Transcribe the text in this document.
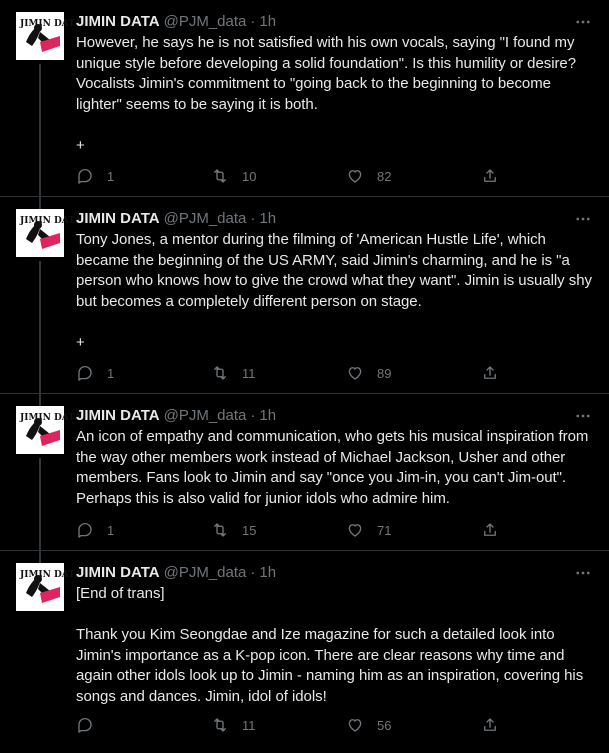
JIMIN DATA
JIMIN DATA @PJM_data · 1h
However, he says he is not satisfied with his own vocals, saying "I found my unique style before developing a solid foundation". Is this humility or desire? Vocalists Jimin's commitment to "going back to the beginning to become lighter" seems to be saying it is both.

+
1	10	82
JIMIN DATA
JIMIN DATA @PJM_data · 1h
Tony Jones, a mentor during the filming of 'American Hustle Life', which became the beginning of the US ARMY, said Jimin's charming, and he is "a person who knows how to give the crowd what they want". Jimin is usually shy but becomes a completely different person on stage.

+
1	11	89
JIMIN DATA
JIMIN DATA @PJM_data · 1h
An icon of empathy and communication, who gets his musical inspiration from the way other members work instead of Michael Jackson, Usher and other members. Fans look to Jimin and say "once you Jim-in, you can't Jim-out". Perhaps this is also valid for junior idols who admire him.
1	15	71
JIMIN DATA
JIMIN DATA @PJM_data · 1h
[End of trans]

Thank you Kim Seongdae and Ize magazine for such a detailed look into Jimin's importance as a K-pop icon. There are clear reasons why time and again other idols look up to Jimin - naming him as an inspiration, covering his songs and dances. Jimin, idol of idols!
11	56
